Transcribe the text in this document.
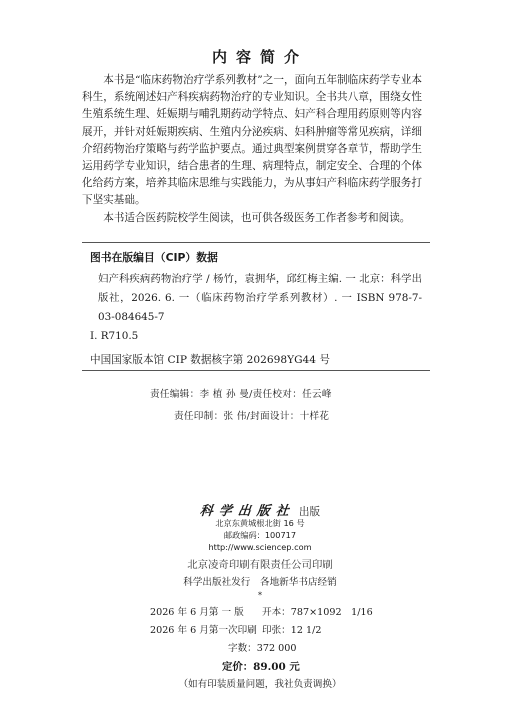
内容简介

本书是“临床药物治疗学系列教材”之一，面向五年制临床药学专业本科生，系统阐述妇产科疾病药物治疗的专业知识。全书共八章，围绕女性生殖系统生理、妊娠期与哺乳期药动学特点、妇产科合理用药原则等内容展开，并针对妊娠期疾病、生殖内分泌疾病、妇科肿瘤等常见疾病，详细介绍药物治疗策略与药学监护要点。通过典型案例贯穿各章节，帮助学生运用药学专业知识，结合患者的生理、病理特点，制定安全、合理的个体化给药方案，培养其临床思维与实践能力，为从事妇产科临床药学服务打下坚实基础。

本书适合医药院校学生阅读，也可供各级医务工作者参考和阅读。

图书在版编目（CIP）数据
妇产科疾病药物治疗学 / 杨竹，袁拥华，邱红梅主编. 一 北京：科学出版社，2026. 6. 一（临床药物治疗学系列教材）. 一 ISBN 978-7-03-084645-7
Ⅰ. R710.5
中国国家版本馆 CIP 数据核字第 202698YG44 号
责任编辑：李 植 孙 曼/责任校对：任云峰
责任印制：张 伟/封面设计：十样花
科学出版社 出版
北京东黄城根北街 16 号
邮政编码：100717
http://www.sciencep.com
北京凌奇印刷有限责任公司印刷
科学出版社发行　各地新华书店经销
*
2026 年 6 月第 一 版 开本：787×1092　1/16
2026 年 6 月第一次印刷 印张：12 1/2
字数：372 000
定价：89.00 元
（如有印装质量问题，我社负责调换）
